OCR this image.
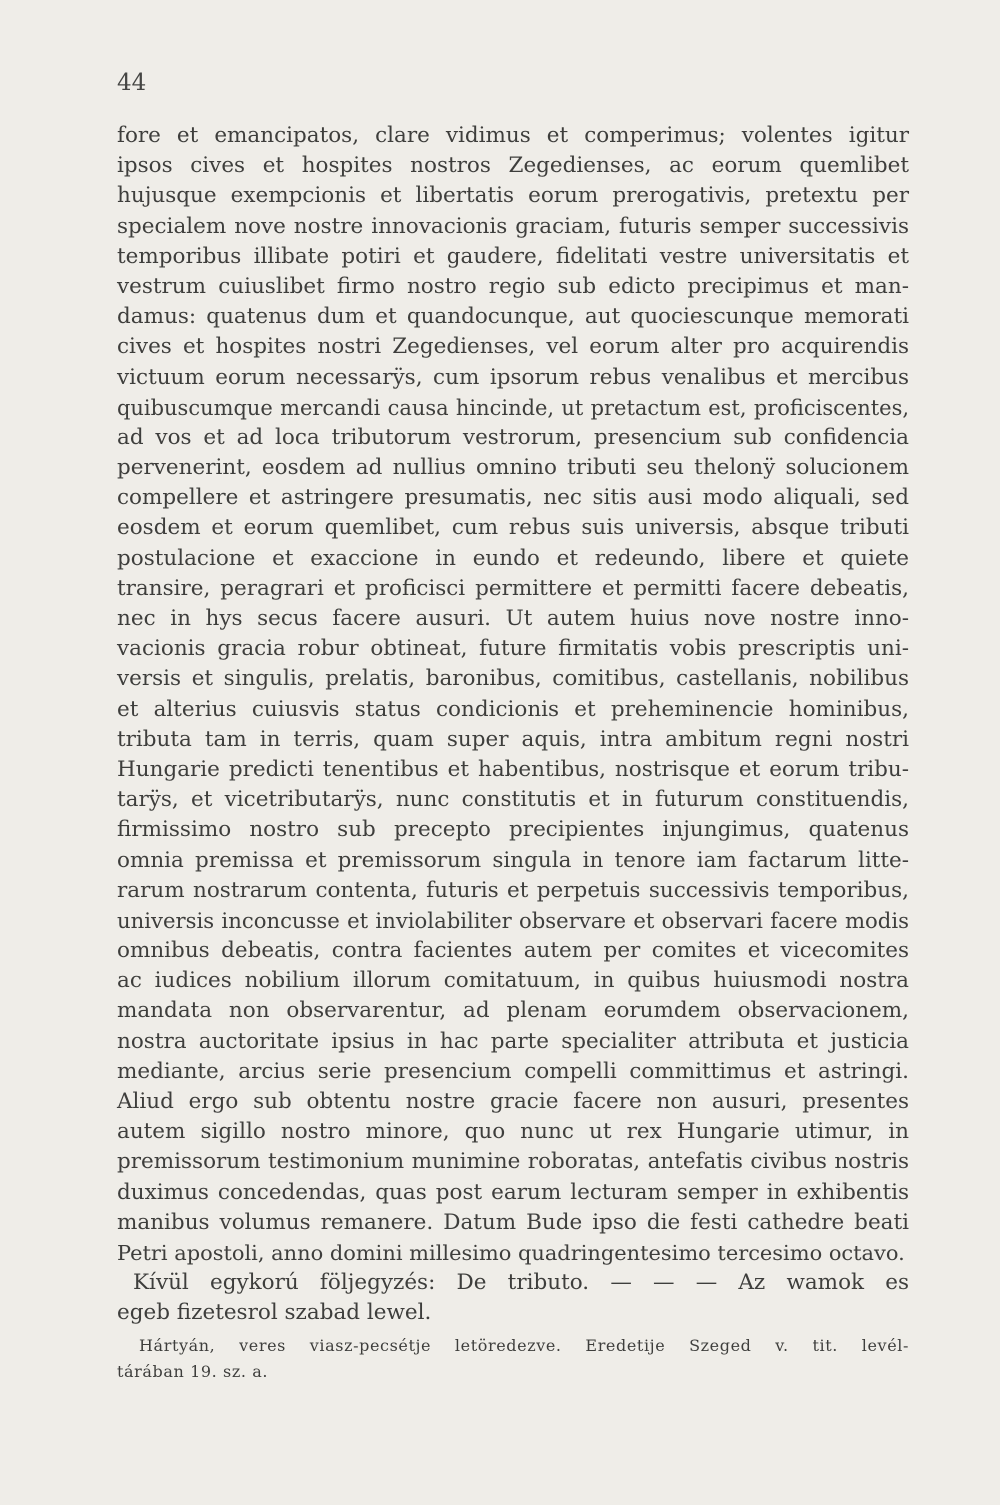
44
fore et emancipatos, clare vidimus et comperimus; volentes igitur
ipsos cives et hospites nostros Zegedienses, ac eorum quemlibet
hujusque exempcionis et libertatis eorum prerogativis, pretextu per
specialem nove nostre innovacionis graciam, futuris semper successivis
temporibus illibate potiri et gaudere, fidelitati vestre universitatis et
vestrum cuiuslibet firmo nostro regio sub edicto precipimus et man-
damus: quatenus dum et quandocunque, aut quociescunque memorati
cives et hospites nostri Zegedienses, vel eorum alter pro acquirendis
victuum eorum necessarÿs, cum ipsorum rebus venalibus et mercibus
quibuscumque mercandi causa hincinde, ut pretactum est, proficiscentes,
ad vos et ad loca tributorum vestrorum, presencium sub confidencia
pervenerint, eosdem ad nullius omnino tributi seu thelonÿ solucionem
compellere et astringere presumatis, nec sitis ausi modo aliquali, sed
eosdem et eorum quemlibet, cum rebus suis universis, absque tributi
postulacione et exaccione in eundo et redeundo, libere et quiete
transire, peragrari et proficisci permittere et permitti facere debeatis,
nec in hys secus facere ausuri. Ut autem huius nove nostre inno-
vacionis gracia robur obtineat, future firmitatis vobis prescriptis uni-
versis et singulis, prelatis, baronibus, comitibus, castellanis, nobilibus
et alterius cuiusvis status condicionis et preheminencie hominibus,
tributa tam in terris, quam super aquis, intra ambitum regni nostri
Hungarie predicti tenentibus et habentibus, nostrisque et eorum tribu-
tarÿs, et vicetributarÿs, nunc constitutis et in futurum constituendis,
firmissimo nostro sub precepto precipientes injungimus, quatenus
omnia premissa et premissorum singula in tenore iam factarum litte-
rarum nostrarum contenta, futuris et perpetuis successivis temporibus,
universis inconcusse et inviolabiliter observare et observari facere modis
omnibus debeatis, contra facientes autem per comites et vicecomites
ac iudices nobilium illorum comitatuum, in quibus huiusmodi nostra
mandata non observarentur, ad plenam eorumdem observacionem,
nostra auctoritate ipsius in hac parte specialiter attributa et justicia
mediante, arcius serie presencium compelli committimus et astringi.
Aliud ergo sub obtentu nostre gracie facere non ausuri, presentes
autem sigillo nostro minore, quo nunc ut rex Hungarie utimur, in
premissorum testimonium munimine roboratas, antefatis civibus nostris
duximus concedendas, quas post earum lecturam semper in exhibentis
manibus volumus remanere. Datum Bude ipso die festi cathedre beati
Petri apostoli, anno domini millesimo quadringentesimo tercesimo octavo.
Kívül egykorú följegyzés: De tributo. — — — Az wamok es
egeb fizetesrol szabad lewel.
Hártyán, veres viasz-pecsétje letöredezve. Eredetije Szeged v. tit. levél-
tárában 19. sz. a.
